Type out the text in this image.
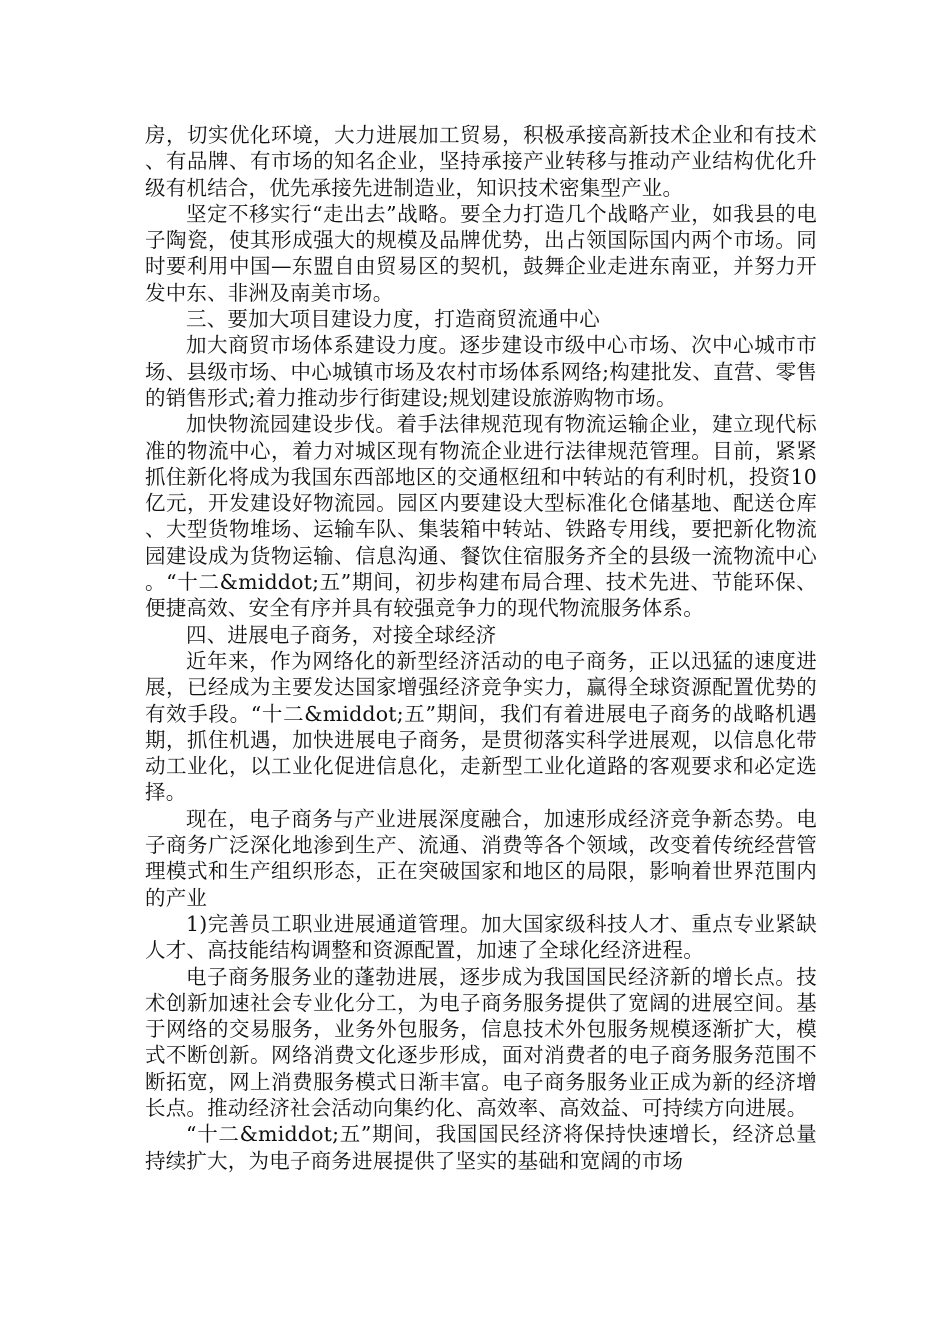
房，切实优化环境，大力进展加工贸易，积极承接高新技术企业和有技术、有品牌、有市场的知名企业，坚持承接产业转移与推动产业结构优化升级有机结合，优先承接先进制造业，知识技术密集型产业。

坚定不移实行“走出去”战略。要全力打造几个战略产业，如我县的电子陶瓷，使其形成强大的规模及品牌优势，出占领国际国内两个市场。同时要利用中国—东盟自由贸易区的契机，鼓舞企业走进东南亚，并努力开发中东、非洲及南美市场。

三、要加大项目建设力度，打造商贸流通中心

加大商贸市场体系建设力度。逐步建设市级中心市场、次中心城市市场、县级市场、中心城镇市场及农村市场体系网络;构建批发、直营、零售的销售形式;着力推动步行街建设;规划建设旅游购物市场。

加快物流园建设步伐。着手法律规范现有物流运输企业，建立现代标准的物流中心，着力对城区现有物流企业进行法律规范管理。目前，紧紧抓住新化将成为我国东西部地区的交通枢纽和中转站的有利时机，投资10亿元，开发建设好物流园。园区内要建设大型标准化仓储基地、配送仓库、大型货物堆场、运输车队、集装箱中转站、铁路专用线，要把新化物流园建设成为货物运输、信息沟通、餐饮住宿服务齐全的县级一流物流中心。“十二&middot;五”期间，初步构建布局合理、技术先进、节能环保、便捷高效、安全有序并具有较强竞争力的现代物流服务体系。

四、进展电子商务，对接全球经济

近年来，作为网络化的新型经济活动的电子商务，正以迅猛的速度进展，已经成为主要发达国家增强经济竞争实力，赢得全球资源配置优势的有效手段。“十二&middot;五”期间，我们有着进展电子商务的战略机遇期，抓住机遇，加快进展电子商务，是贯彻落实科学进展观，以信息化带动工业化，以工业化促进信息化，走新型工业化道路的客观要求和必定选择。

现在，电子商务与产业进展深度融合，加速形成经济竞争新态势。电子商务广泛深化地渗到生产、流通、消费等各个领域，改变着传统经营管理模式和生产组织形态，正在突破国家和地区的局限，影响着世界范围内的产业

1)完善员工职业进展通道管理。加大国家级科技人才、重点专业紧缺人才、高技能结构调整和资源配置，加速了全球化经济进程。

电子商务服务业的蓬勃进展，逐步成为我国国民经济新的增长点。技术创新加速社会专业化分工，为电子商务服务提供了宽阔的进展空间。基于网络的交易服务，业务外包服务，信息技术外包服务规模逐渐扩大，模式不断创新。网络消费文化逐步形成，面对消费者的电子商务服务范围不断拓宽，网上消费服务模式日渐丰富。电子商务服务业正成为新的经济增长点。推动经济社会活动向集约化、高效率、高效益、可持续方向进展。

“十二&middot;五”期间，我国国民经济将保持快速增长，经济总量持续扩大，为电子商务进展提供了坚实的基础和宽阔的市场
